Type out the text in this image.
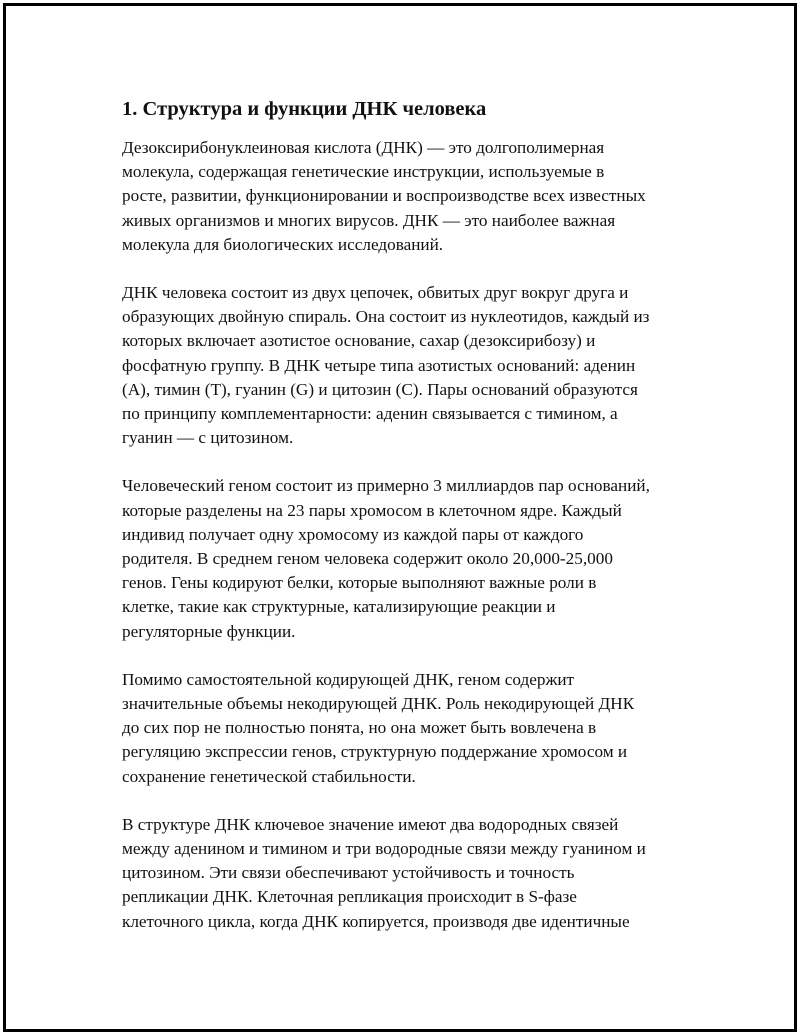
1. Структура и функции ДНК человека
Дезоксирибонуклеиновая кислота (ДНК) — это долгополимерная
молекула, содержащая генетические инструкции, используемые в
росте, развитии, функционировании и воспроизводстве всех известных
живых организмов и многих вирусов. ДНК — это наиболее важная
молекула для биологических исследований.
ДНК человека состоит из двух цепочек, обвитых друг вокруг друга и
образующих двойную спираль. Она состоит из нуклеотидов, каждый из
которых включает азотистое основание, сахар (дезоксирибозу) и
фосфатную группу. В ДНК четыре типа азотистых оснований: аденин
(A), тимин (T), гуанин (G) и цитозин (C). Пары оснований образуются
по принципу комплементарности: аденин связывается с тимином, а
гуанин — с цитозином.
Человеческий геном состоит из примерно 3 миллиардов пар оснований,
которые разделены на 23 пары хромосом в клеточном ядре. Каждый
индивид получает одну хромосому из каждой пары от каждого
родителя. В среднем геном человека содержит около 20,000-25,000
генов. Гены кодируют белки, которые выполняют важные роли в
клетке, такие как структурные, катализирующие реакции и
регуляторные функции.
Помимо самостоятельной кодирующей ДНК, геном содержит
значительные объемы некодирующей ДНК. Роль некодирующей ДНК
до сих пор не полностью понята, но она может быть вовлечена в
регуляцию экспрессии генов, структурную поддержание хромосом и
сохранение генетической стабильности.
В структуре ДНК ключевое значение имеют два водородных связей
между аденином и тимином и три водородные связи между гуанином и
цитозином. Эти связи обеспечивают устойчивость и точность
репликации ДНК. Клеточная репликация происходит в S-фазе
клеточного цикла, когда ДНК копируется, производя две идентичные
